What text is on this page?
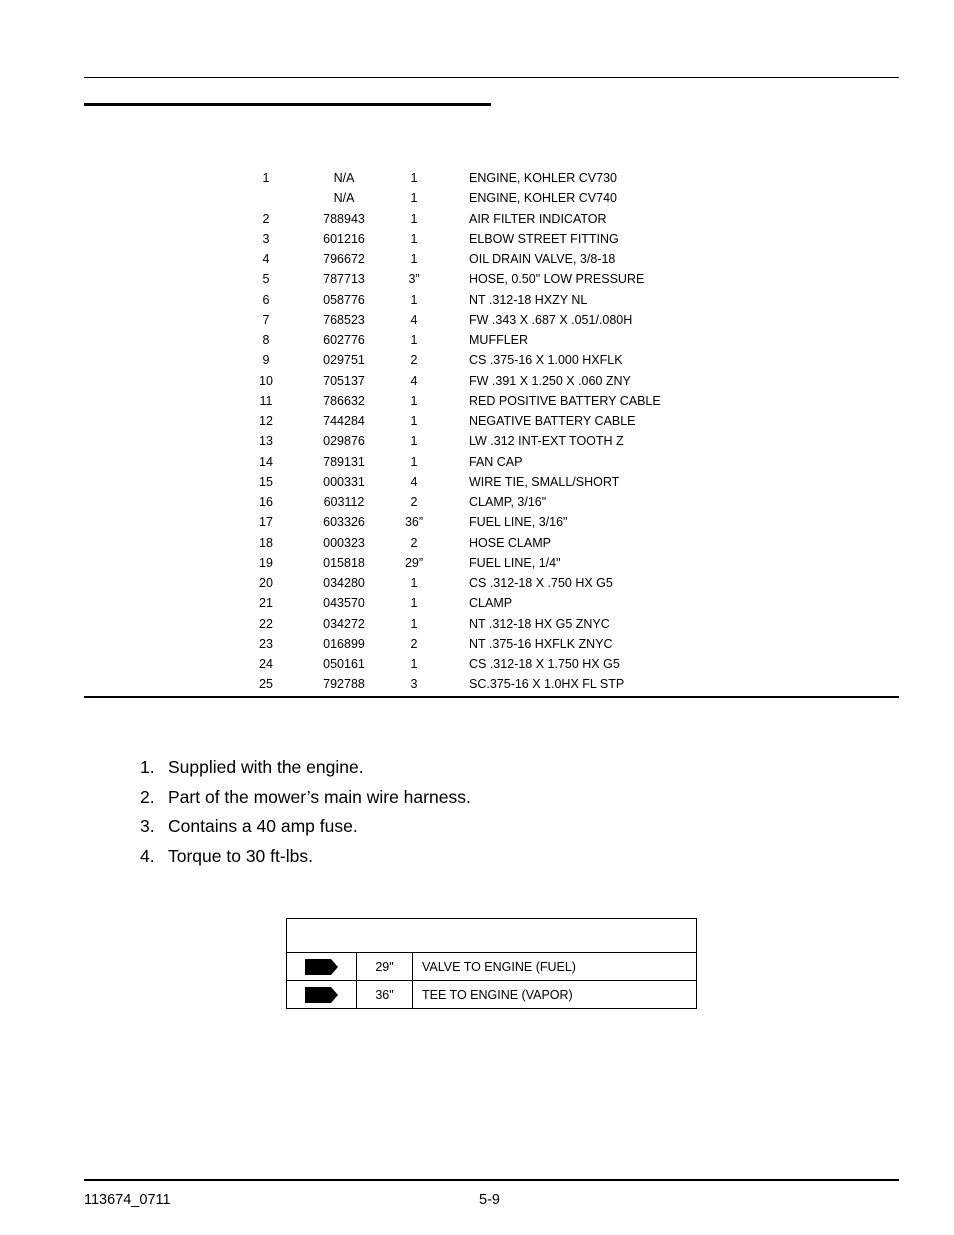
1	N/A	1	ENGINE, KOHLER CV730
	N/A	1	ENGINE, KOHLER CV740
2	788943	1	AIR FILTER INDICATOR
3	601216	1	ELBOW STREET FITTING
4	796672	1	OIL DRAIN VALVE, 3/8-18
5	787713	3”	HOSE, 0.50" LOW PRESSURE
6	058776	1	NT .312-18 HXZY NL
7	768523	4	FW .343 X .687 X .051/.080H
8	602776	1	MUFFLER
9	029751	2	CS .375-16 X 1.000 HXFLK
10	705137	4	FW .391 X 1.250 X .060 ZNY
11	786632	1	RED POSITIVE BATTERY CABLE
12	744284	1	NEGATIVE BATTERY CABLE
13	029876	1	LW .312 INT-EXT TOOTH Z
14	789131	1	FAN CAP
15	000331	4	WIRE TIE, SMALL/SHORT
16	603112	2	CLAMP, 3/16"
17	603326	36”	FUEL LINE, 3/16"
18	000323	2	HOSE CLAMP
19	015818	29”	FUEL LINE, 1/4"
20	034280	1	CS .312-18 X .750 HX G5
21	043570	1	CLAMP
22	034272	1	NT .312-18 HX G5 ZNYC
23	016899	2	NT .375-16 HXFLK ZNYC
24	050161	1	CS .312-18 X 1.750 HX G5
25	792788	3	SC.375-16 X 1.0HX FL STP
1. Supplied with the engine.
2. Part of the mower’s main wire harness.
3. Contains a 40 amp fuse.
4. Torque to 30 ft-lbs.

	29"	VALVE TO ENGINE (FUEL)
	36"	TEE TO ENGINE (VAPOR)
113674_0711	5-9
